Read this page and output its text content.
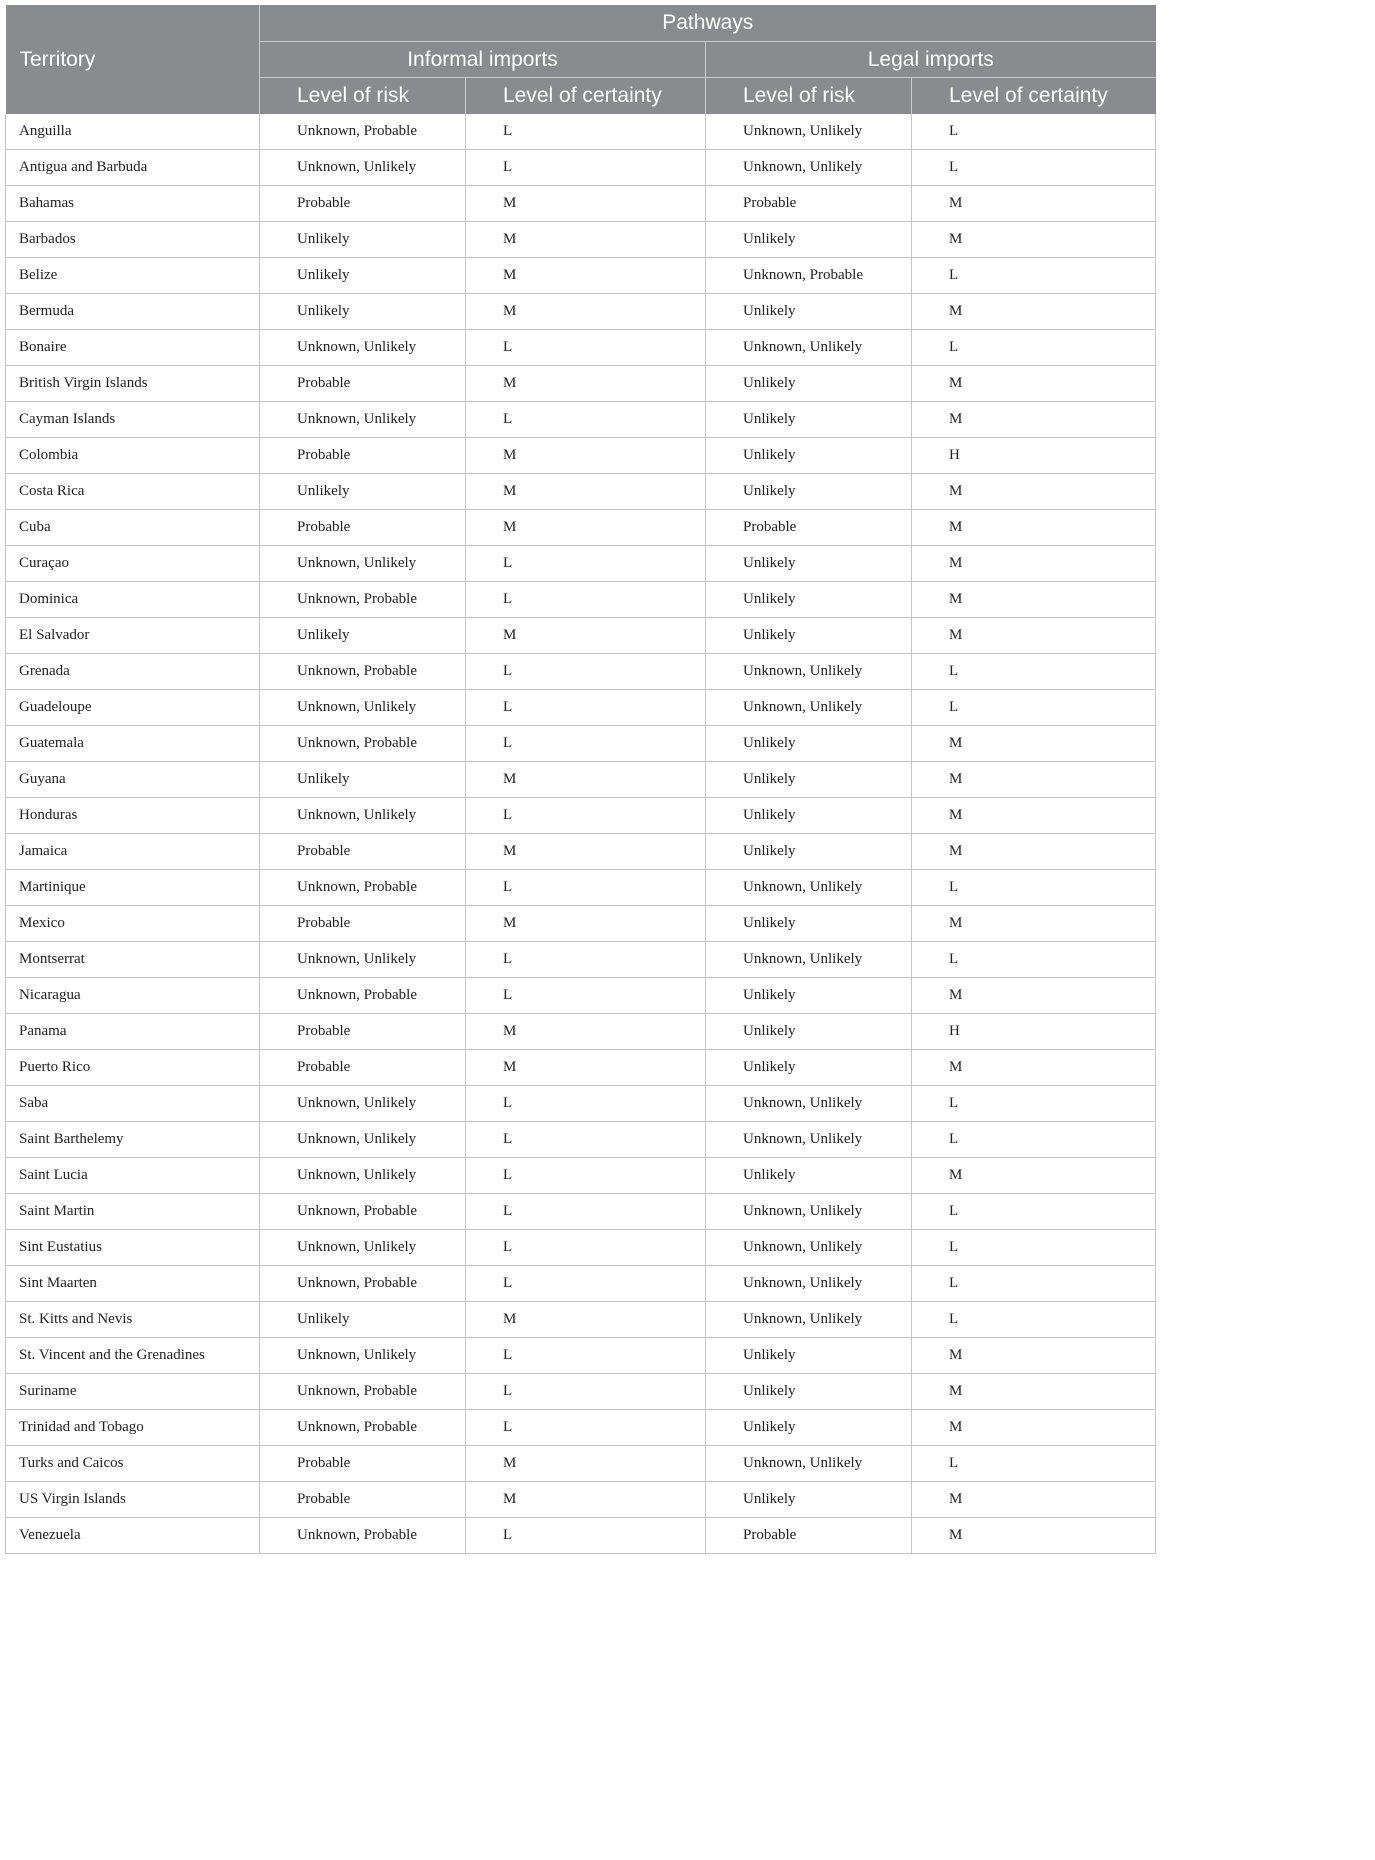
Territory	Pathways			
	Informal imports		Legal imports	
	Level of risk	Level of certainty	Level of risk	Level of certainty
Anguilla	Unknown, Probable	L	Unknown, Unlikely	L
Antigua and Barbuda	Unknown, Unlikely	L	Unknown, Unlikely	L
Bahamas	Probable	M	Probable	M
Barbados	Unlikely	M	Unlikely	M
Belize	Unlikely	M	Unknown, Probable	L
Bermuda	Unlikely	M	Unlikely	M
Bonaire	Unknown, Unlikely	L	Unknown, Unlikely	L
British Virgin Islands	Probable	M	Unlikely	M
Cayman Islands	Unknown, Unlikely	L	Unlikely	M
Colombia	Probable	M	Unlikely	H
Costa Rica	Unlikely	M	Unlikely	M
Cuba	Probable	M	Probable	M
Curaçao	Unknown, Unlikely	L	Unlikely	M
Dominica	Unknown, Probable	L	Unlikely	M
El Salvador	Unlikely	M	Unlikely	M
Grenada	Unknown, Probable	L	Unknown, Unlikely	L
Guadeloupe	Unknown, Unlikely	L	Unknown, Unlikely	L
Guatemala	Unknown, Probable	L	Unlikely	M
Guyana	Unlikely	M	Unlikely	M
Honduras	Unknown, Unlikely	L	Unlikely	M
Jamaica	Probable	M	Unlikely	M
Martinique	Unknown, Probable	L	Unknown, Unlikely	L
Mexico	Probable	M	Unlikely	M
Montserrat	Unknown, Unlikely	L	Unknown, Unlikely	L
Nicaragua	Unknown, Probable	L	Unlikely	M
Panama	Probable	M	Unlikely	H
Puerto Rico	Probable	M	Unlikely	M
Saba	Unknown, Unlikely	L	Unknown, Unlikely	L
Saint Barthelemy	Unknown, Unlikely	L	Unknown, Unlikely	L
Saint Lucia	Unknown, Unlikely	L	Unlikely	M
Saint Martin	Unknown, Probable	L	Unknown, Unlikely	L
Sint Eustatius	Unknown, Unlikely	L	Unknown, Unlikely	L
Sint Maarten	Unknown, Probable	L	Unknown, Unlikely	L
St. Kitts and Nevis	Unlikely	M	Unknown, Unlikely	L
St. Vincent and the Grenadines	Unknown, Unlikely	L	Unlikely	M
Suriname	Unknown, Probable	L	Unlikely	M
Trinidad and Tobago	Unknown, Probable	L	Unlikely	M
Turks and Caicos	Probable	M	Unknown, Unlikely	L
US Virgin Islands	Probable	M	Unlikely	M
Venezuela	Unknown, Probable	L	Probable	M
